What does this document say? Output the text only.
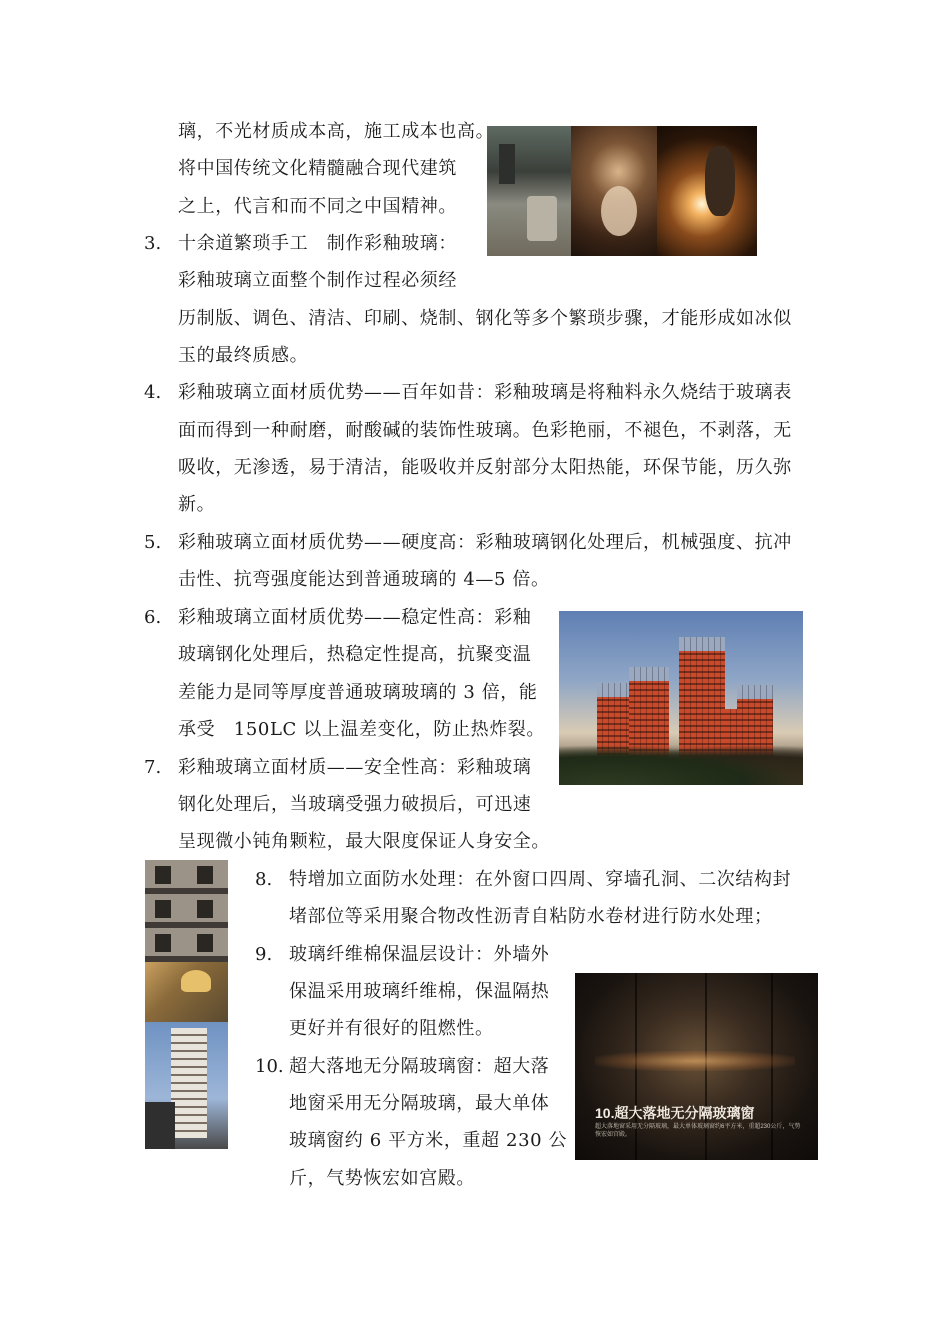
10.超大落地无分隔玻璃窗
超大落地窗采用无分隔玻璃，最大单体玻璃窗约6平方米，重超230公斤，气势恢宏如宫殿。
3.
4.
5.
6.
7.
8.
9.
10.
璃，不光材质成本高，施工成本也高。
将中国传统文化精髓融合现代建筑
之上，代言和而不同之中国精神。
十余道繁琐手工　制作彩釉玻璃：
彩釉玻璃立面整个制作过程必须经
历制版、调色、清洁、印刷、烧制、钢化等多个繁琐步骤，才能形成如冰似
玉的最终质感。
彩釉玻璃立面材质优势——百年如昔：彩釉玻璃是将釉料永久烧结于玻璃表
面而得到一种耐磨，耐酸碱的装饰性玻璃。色彩艳丽，不褪色，不剥落，无
吸收，无渗透，易于清洁，能吸收并反射部分太阳热能，环保节能，历久弥
新。
彩釉玻璃立面材质优势——硬度高：彩釉玻璃钢化处理后，机械强度、抗冲
击性、抗弯强度能达到普通玻璃的 4—5 倍。
彩釉玻璃立面材质优势——稳定性高：彩釉
玻璃钢化处理后，热稳定性提高，抗聚变温
差能力是同等厚度普通玻璃玻璃的 3 倍，能
承受　150LC 以上温差变化，防止热炸裂。
彩釉玻璃立面材质——安全性高：彩釉玻璃
钢化处理后，当玻璃受强力破损后，可迅速
呈现微小钝角颗粒，最大限度保证人身安全。
特增加立面防水处理：在外窗口四周、穿墙孔洞、二次结构封
堵部位等采用聚合物改性沥青自粘防水卷材进行防水处理；
玻璃纤维棉保温层设计：外墙外
保温采用玻璃纤维棉，保温隔热
更好并有很好的阻燃性。
超大落地无分隔玻璃窗：超大落
地窗采用无分隔玻璃，最大单体
玻璃窗约 6 平方米，重超 230 公
斤，气势恢宏如宫殿。
